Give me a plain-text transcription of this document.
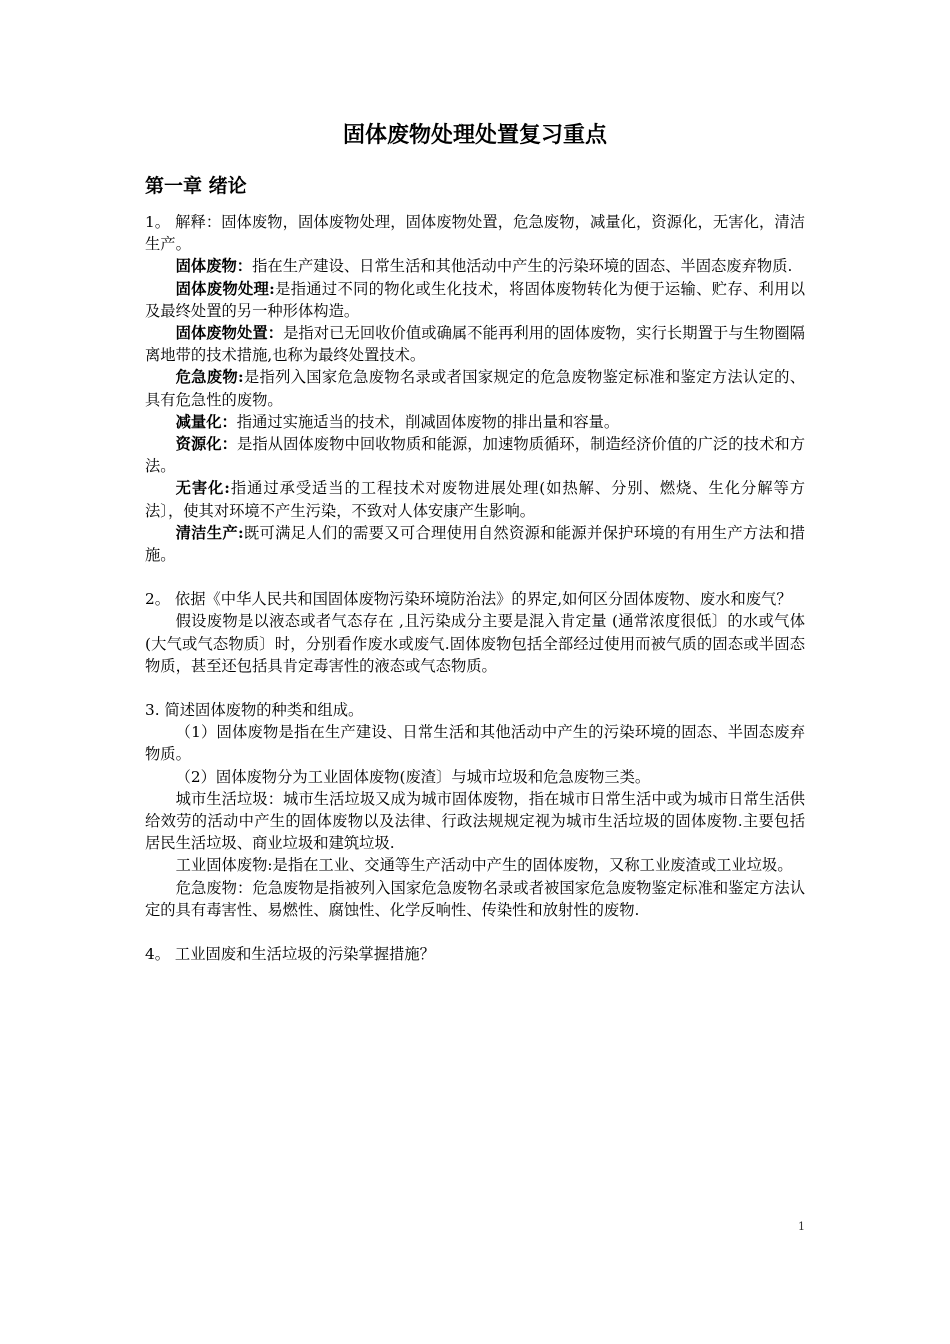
固体废物处理处置复习重点
第一章 绪论

1。 解释：固体废物，固体废物处理，固体废物处置，危急废物，减量化，资源化，无害化，清洁生产。

固体废物：指在生产建设、日常生活和其他活动中产生的污染环境的固态、半固态废弃物质.

固体废物处理:是指通过不同的物化或生化技术，将固体废物转化为便于运输、贮存、利用以及最终处置的另一种形体构造。

固体废物处置：是指对已无回收价值或确属不能再利用的固体废物，实行长期置于与生物圈隔离地带的技术措施,也称为最终处置技术。

危急废物:是指列入国家危急废物名录或者国家规定的危急废物鉴定标准和鉴定方法认定的、具有危急性的废物。

减量化：指通过实施适当的技术，削减固体废物的排出量和容量。

资源化：是指从固体废物中回收物质和能源，加速物质循环，制造经济价值的广泛的技术和方法。

无害化:指通过承受适当的工程技术对废物进展处理(如热解、分别、燃烧、生化分解等方法〕，使其对环境不产生污染，不致对人体安康产生影响。

清洁生产:既可满足人们的需要又可合理使用自然资源和能源并保护环境的有用生产方法和措施。

2。 依据《中华人民共和国固体废物污染环境防治法》的界定,如何区分固体废物、废水和废气？

假设废物是以液态或者气态存在 ,且污染成分主要是混入肯定量 (通常浓度很低〕的水或气体(大气或气态物质〕时，分别看作废水或废气.固体废物包括全部经过使用而被气质的固态或半固态物质，甚至还包括具肯定毒害性的液态或气态物质。

3. 简述固体废物的种类和组成。

（1）固体废物是指在生产建设、日常生活和其他活动中产生的污染环境的固态、半固态废弃物质。

（2）固体废物分为工业固体废物(废渣〕与城市垃圾和危急废物三类。

城市生活垃圾：城市生活垃圾又成为城市固体废物，指在城市日常生活中或为城市日常生活供给效劳的活动中产生的固体废物以及法律、行政法规规定视为城市生活垃圾的固体废物.主要包括居民生活垃圾、商业垃圾和建筑垃圾.

工业固体废物:是指在工业、交通等生产活动中产生的固体废物，又称工业废渣或工业垃圾。

危急废物：危急废物是指被列入国家危急废物名录或者被国家危急废物鉴定标准和鉴定方法认定的具有毒害性、易燃性、腐蚀性、化学反响性、传染性和放射性的废物.

4。 工业固废和生活垃圾的污染掌握措施？

1
